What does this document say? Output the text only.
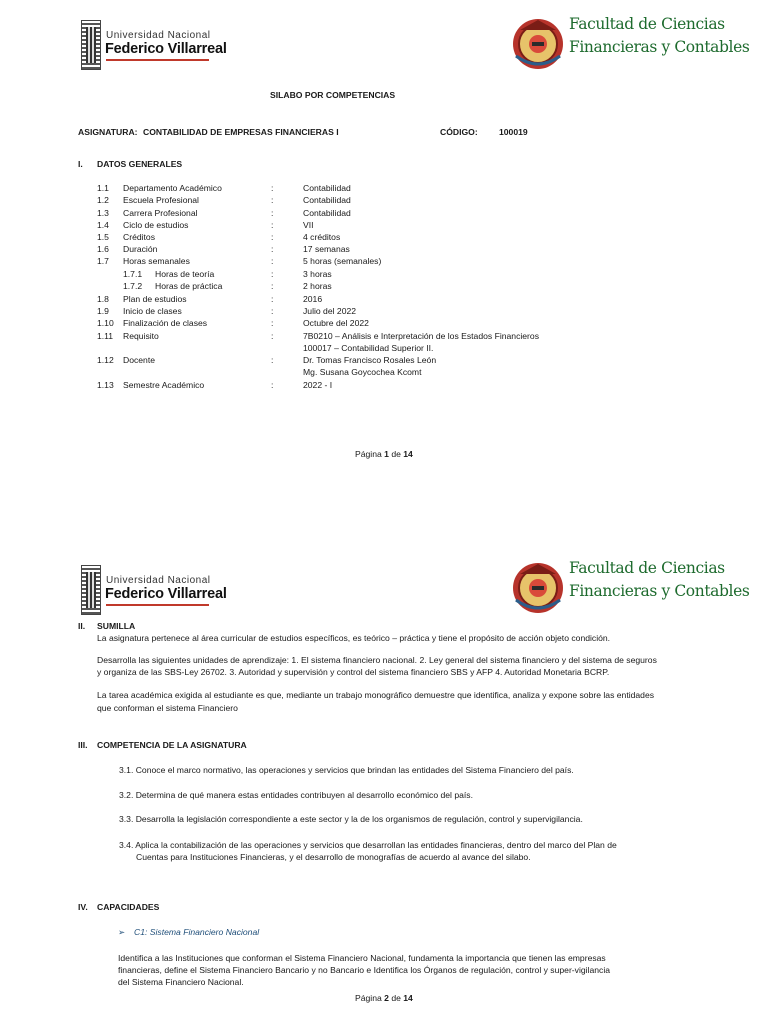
Universidad Nacional
Federico Villarreal
Facultad de Ciencias
Financieras y Contables
SILABO POR COMPETENCIAS
ASIGNATURA: CONTABILIDAD DE EMPRESAS FINANCIERAS I	CÓDIGO: 100019
I. DATOS GENERALES
1.1 Departamento Académico	:	Contabilidad
1.2 Escuela Profesional	:	Contabilidad
1.3 Carrera Profesional	:	Contabilidad
1.4 Ciclo de estudios	:	VII
1.5 Créditos	:	4 créditos
1.6 Duración	:	17 semanas
1.7 Horas semanales	:	5 horas (semanales)
1.7.1 Horas de teoría	:	3 horas
1.7.2 Horas de práctica	:	2 horas
1.8 Plan de estudios	:	2016
1.9 Inicio de clases	:	Julio del 2022
1.10 Finalización de clases	:	Octubre del 2022
1.11 Requisito	:	7B0210 – Análisis e Interpretación de los Estados Financieros
100017 – Contabilidad Superior II.
1.12 Docente	:	Dr. Tomas Francisco Rosales León
Mg. Susana Goycochea Kcomt
1.13 Semestre Académico	:	2022 - I
Página 1 de 14
Universidad Nacional
Federico Villarreal
Facultad de Ciencias
Financieras y Contables
II. SUMILLA
La asignatura pertenece al área curricular de estudios específicos, es teórico – práctica y tiene el propósito de acción objeto condición.
Desarrolla las siguientes unidades de aprendizaje: 1. El sistema financiero nacional. 2. Ley general del sistema financiero y del sistema de seguros
y organiza de las SBS-Ley 26702. 3. Autoridad y supervisión y control del sistema financiero SBS y AFP 4. Autoridad Monetaria BCRP.
La tarea académica exigida al estudiante es que, mediante un trabajo monográfico demuestre que identifica, analiza y expone sobre las entidades
que conforman el sistema Financiero
III. COMPETENCIA DE LA ASIGNATURA
3.1. Conoce el marco normativo, las operaciones y servicios que brindan las entidades del Sistema Financiero del país.
3.2. Determina de qué manera estas entidades contribuyen al desarrollo económico del país.
3.3. Desarrolla la legislación correspondiente a este sector y la de los organismos de regulación, control y supervigilancia.
3.4. Aplica la contabilización de las operaciones y servicios que desarrollan las entidades financieras, dentro del marco del Plan de
Cuentas para Instituciones Financieras, y el desarrollo de monografías de acuerdo al avance del silabo.
IV. CAPACIDADES
➢ C1: Sistema Financiero Nacional
Identifica a las Instituciones que conforman el Sistema Financiero Nacional, fundamenta la importancia que tienen las empresas
financieras, define el Sistema Financiero Bancario y no Bancario e Identifica los Órganos de regulación, control y super-vigilancia
del Sistema Financiero Nacional.
Página 2 de 14
